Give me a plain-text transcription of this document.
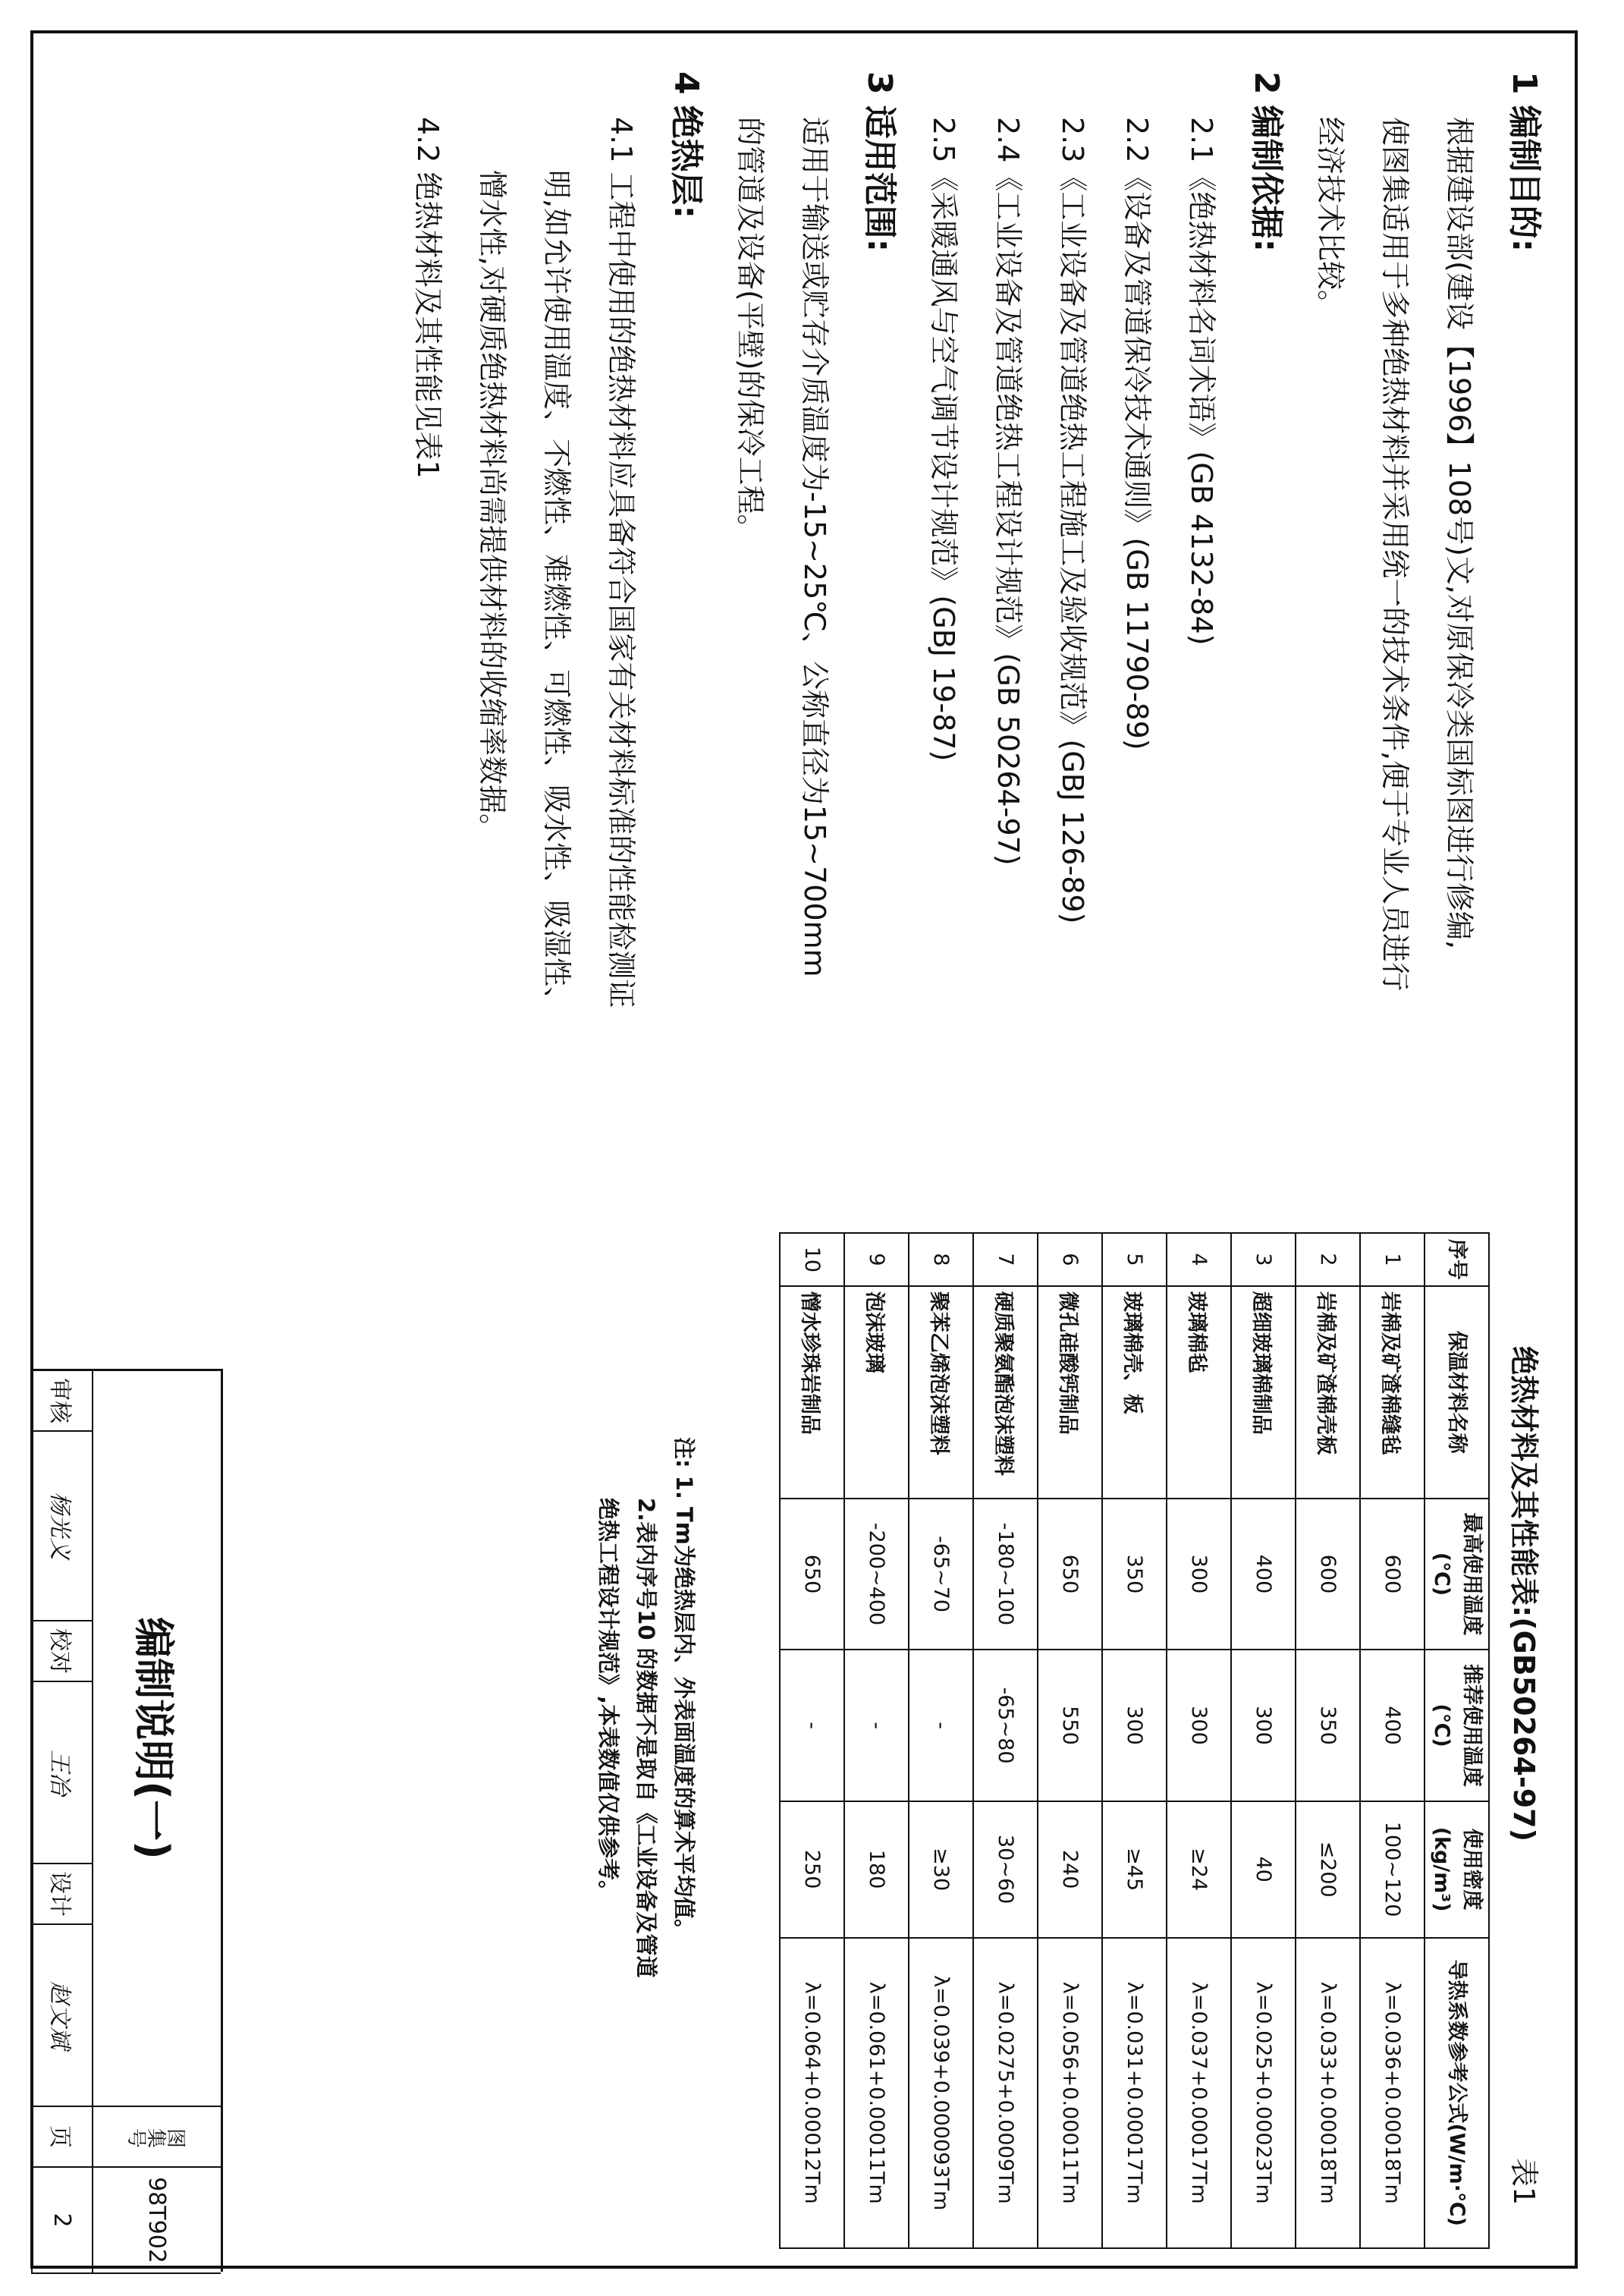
1编制目的:
根据建设部(建设【1996】108号)文,对原保冷类国标图进行修编,
使图集适用于多种绝热材料并采用统一的技术条件,便于专业人员进行
经济技术比较。
2编制依据:
2.1《绝热材料名词术语》(GB 4132-84)
2.2《设备及管道保冷技术通则》(GB 11790-89)
2.3《工业设备及管道绝热工程施工及验收规范》(GBJ 126-89)
2.4《工业设备及管道绝热工程设计规范》(GB 50264-97)
2.5《采暖通风与空气调节设计规范》(GBJ 19-87)
3适用范围:
适用于输送或贮存介质温度为-15~25℃、公称直径为15~700mm
的管道及设备(平壁)的保冷工程。
4绝热层:
4.1 工程中使用的绝热材料应具备符合国家有关材料标准的性能检测证
明,如允许使用温度、不燃性、难燃性、可燃性、吸水性、吸湿性、
憎水性,对硬质绝热材料尚需提供材料的收缩率数据。
4.2 绝热材料及其性能见表1
绝热材料及其性能表:(GB50264-97)
表1
序号	保温材料名称	最高使用温度(℃)	推荐使用温度(℃)	使用密度(kg/m³)	导热系数参考公式(W/m·℃)
1	岩棉及矿渣棉缝毡	600	400	100~120	λ=0.036+0.00018Tm
2	岩棉及矿渣棉壳板	600	350	≤200	λ=0.033+0.00018Tm
3	超细玻璃棉制品	400	300	40	λ=0.025+0.00023Tm
4	玻璃棉毡	300	300	≥24	λ=0.037+0.00017Tm
5	玻璃棉壳、板	350	300	≥45	λ=0.031+0.00017Tm
6	微孔硅酸钙制品	650	550	240	λ=0.056+0.00011Tm
7	硬质聚氨酯泡沫塑料	-180~100	-65~80	30~60	λ=0.0275+0.0009Tm
8	聚苯乙烯泡沫塑料	-65~70	-	≥30	λ=0.039+0.000093Tm
9	泡沫玻璃	-200~400	-	180	λ=0.061+0.00011Tm
10	憎水珍珠岩制品	650	-	250	λ=0.064+0.00012Tm
注: 1. Tm为绝热层内、外表面温度的算术平均值。
2.表内序号10 的数据不是取自《工业设备及管道
绝热工程设计规范》,本表数值仅供参考。
编制说明(一)
图集号
98T902
审核
杨光义
校对
王冶
设计
赵文斌
页
2
